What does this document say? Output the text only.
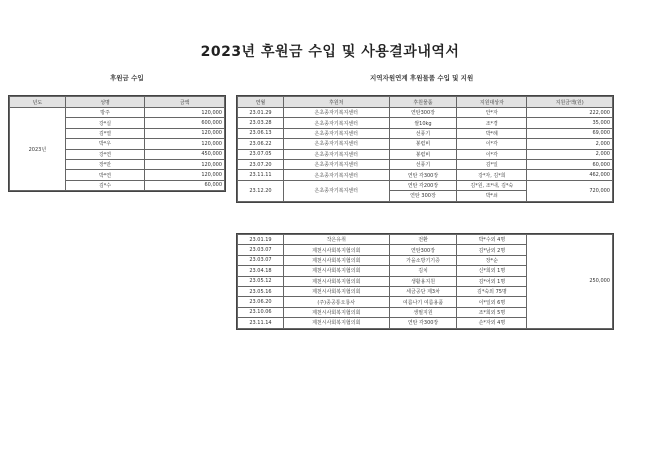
2023년 후원금 수입 및 사용결과내역서
후원금 수입	지역자원연계 후원물품 수입 및 지원
년도	성명	금액
2023년	방주	120,000
	강*실	600,000
	김*열	120,000
	박*우	120,000
	강*연	450,000
	장*만	120,000
	박*연	120,000
	김*수	60,000
연월	후원처	후원물품	지원대상자	지원금액(원)
23.01.29	은초종자기복지센터	연탄300장	안*자	222,000
23.03.28	은초종자기복지센터	쌀10kg	조*경	35,000
23.06.13	은초종자기복지센터	선풍기	박*례	69,000
23.06.22	은초종자기복지센터	봉렴비	이*각	2,000
23.07.05	은초종자기복지센터	봉렴비	이*각	2,000
23.07.20	은초종자기복지센터	선풍기	김*일	60,000
23.11.11	은초종자기복지센터	연탄 각300장	강*자, 김*희	462,000
23.12.20	은초종자기복지센터	연탄 각200장	김*원, 조*내, 김*숙	720,000
		연탄 300장	박*쇠	
23.01.19	작은유취	전환	박*수외 4명	250,000
23.03.07	제천시사회복지협의회	연탄300장	김*남외 2명	
23.03.07	제천시사회복지협의회	가을소방기기증	장*순	
23.04.18	제천시사회복지협의회	김치	신*희외 1명	
23.05.12	제천시사회복지협의회	생활용지원	김*어외 1명	
23.05.16	제천시사회복지협의회	세금공단 제3차	김*숙외 75명	
23.06.20	(주)종공통오룡사	여름나기 여름용품	이*일외 6명	
23.10.06	제천시사회복지협의회	생필지원	조*희외 5명	
23.11.14	제천시사회복지협의회	연탄 각300장	손*자외 4명	
